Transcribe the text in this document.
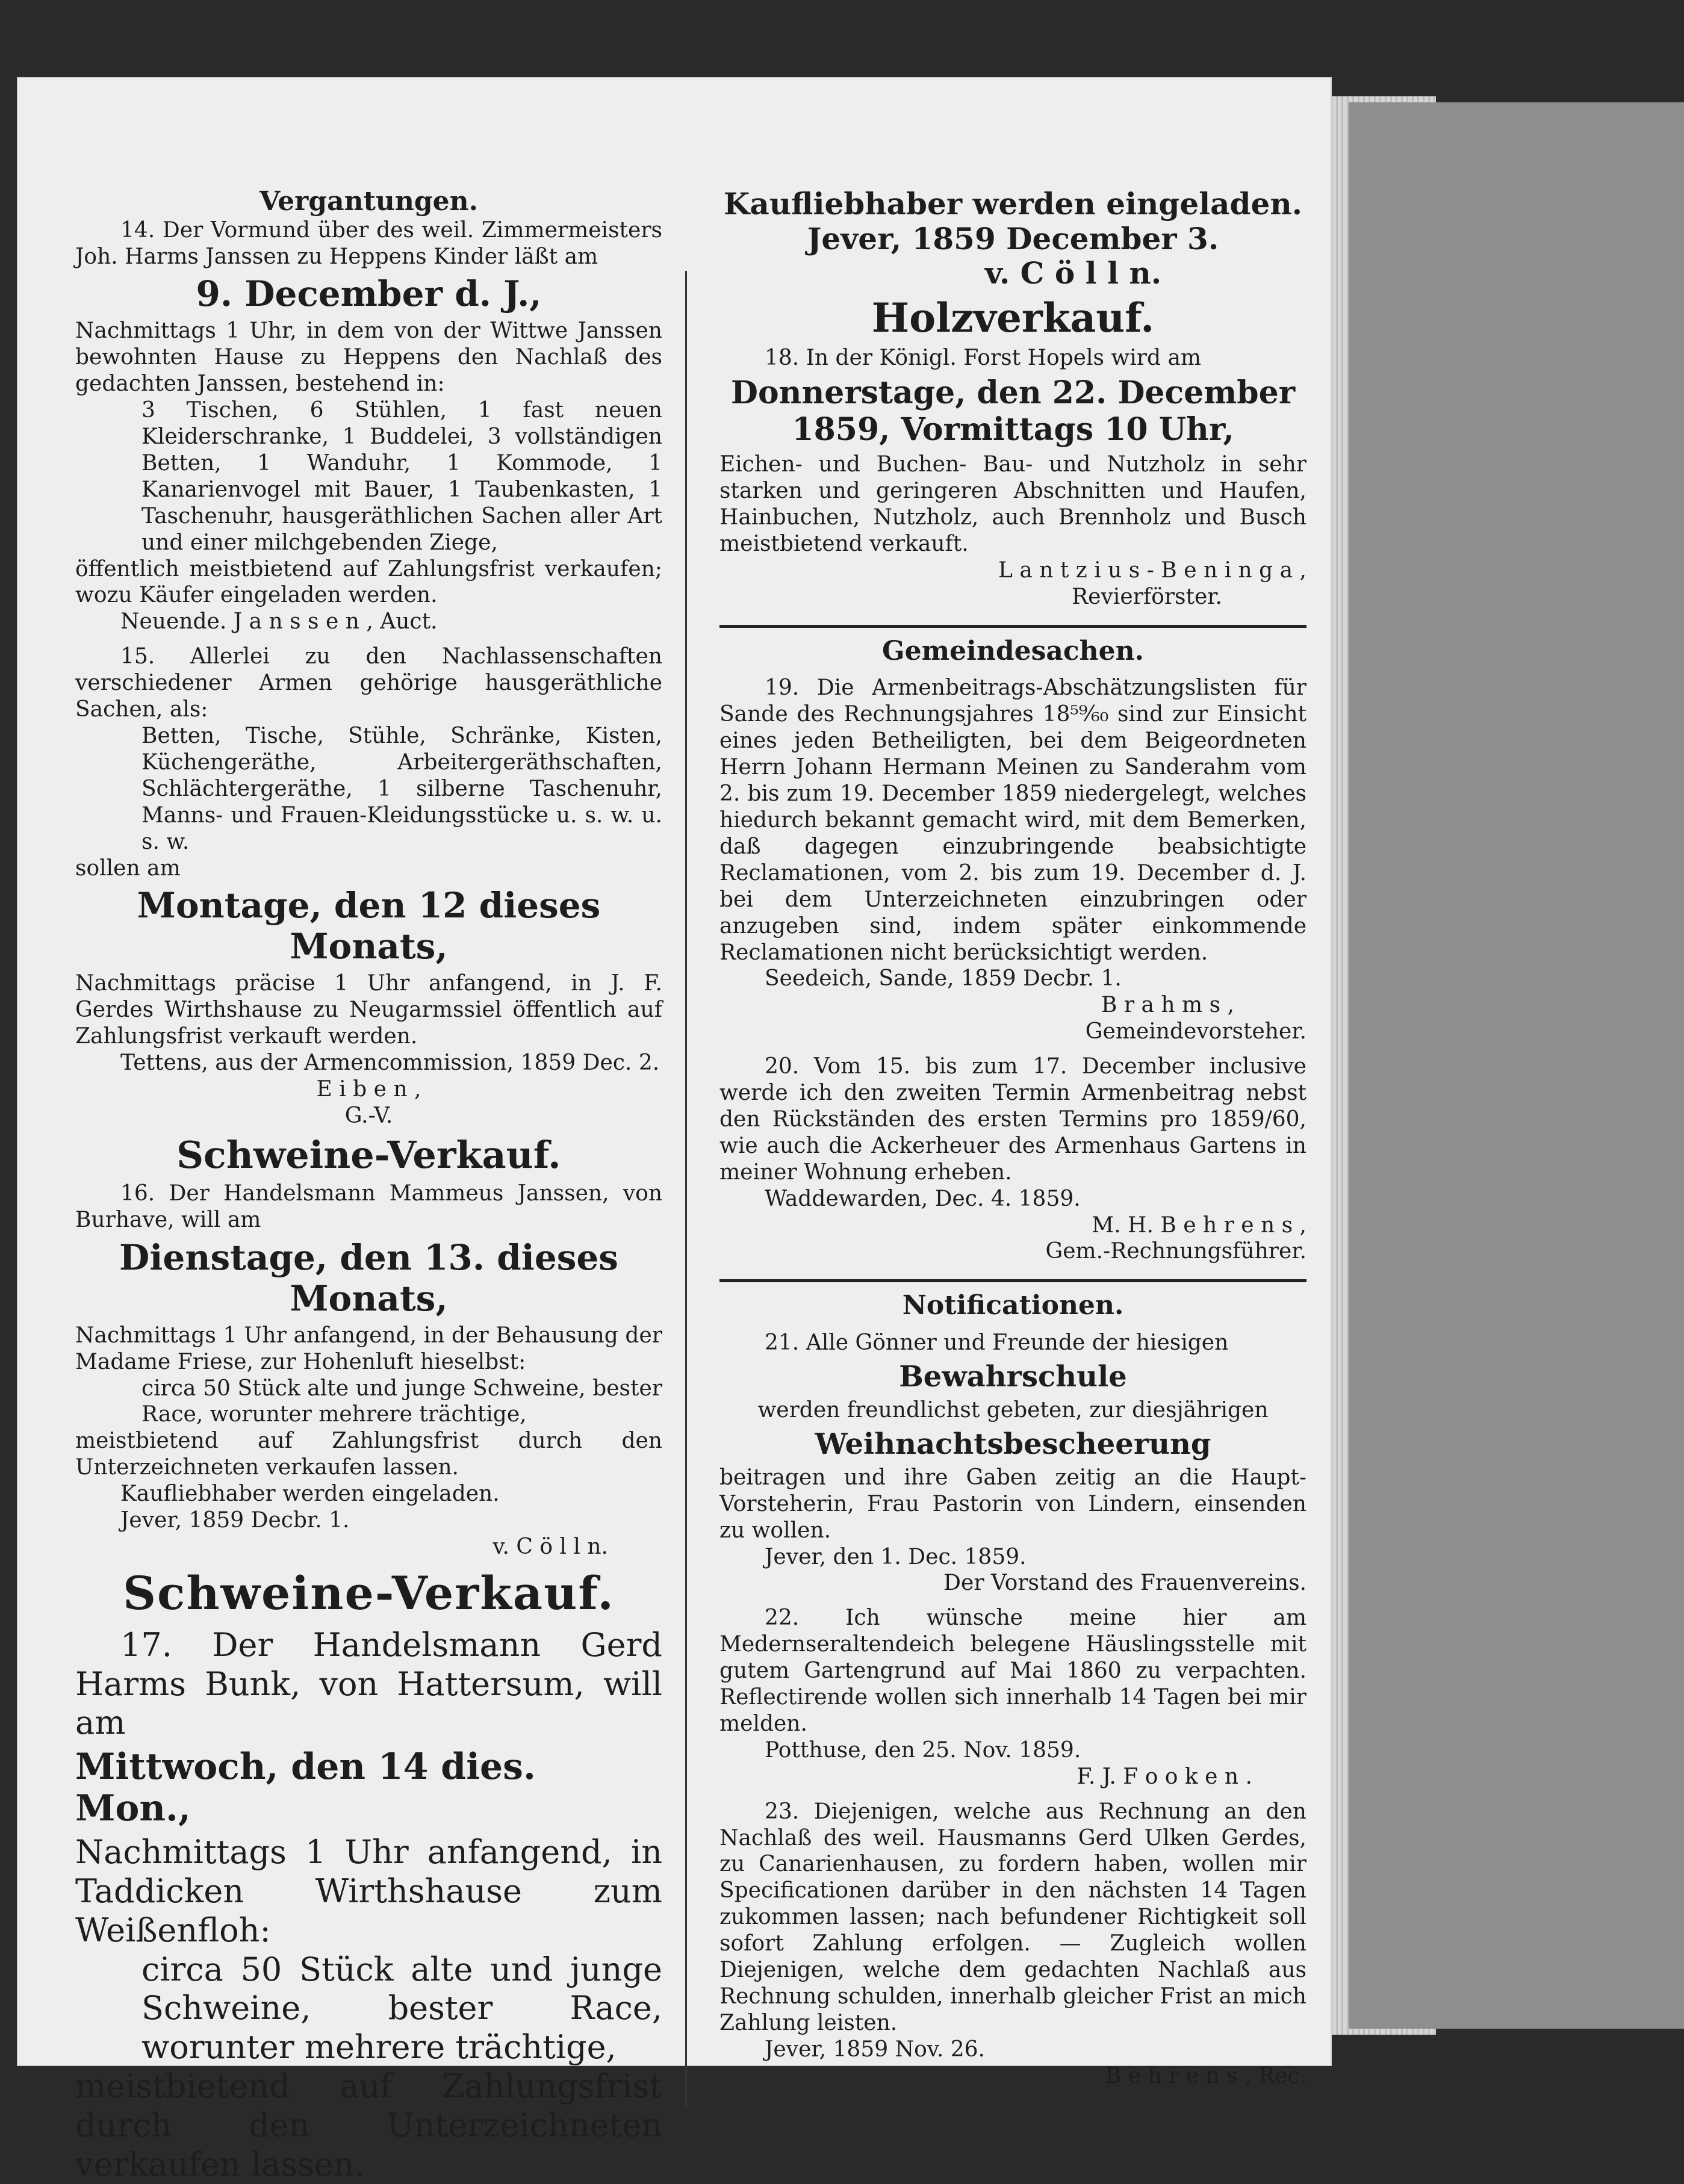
Vergantungen.

14. Der Vormund über des weil. Zimmermeisters Joh. Harms Janssen zu Heppens Kinder läßt am

9. December d. J.,

Nachmittags 1 Uhr, in dem von der Wittwe Janssen bewohnten Hause zu Heppens den Nachlaß des gedachten Janssen, bestehend in:

3 Tischen, 6 Stühlen, 1 fast neuen Kleiderschranke, 1 Buddelei, 3 vollständigen Betten, 1 Wanduhr, 1 Kommode, 1 Kanarienvogel mit Bauer, 1 Taubenkasten, 1 Taschenuhr, hausgeräthlichen Sachen aller Art und einer milchgebenden Ziege,

öffentlich meistbietend auf Zahlungsfrist verkaufen; wozu Käufer eingeladen werden.

Neuende. J a n s s e n , Auct.

15. Allerlei zu den Nachlassenschaften verschiedener Armen gehörige hausgeräthliche Sachen, als:

Betten, Tische, Stühle, Schränke, Kisten, Küchengeräthe, Arbeitergeräthschaften, Schlächtergeräthe, 1 silberne Taschenuhr, Manns- und Frauen-Kleidungsstücke u. s. w. u. s. w.

sollen am

Montage, den 12 dieses Monats,

Nachmittags präcise 1 Uhr anfangend, in J. F. Gerdes Wirthshause zu Neugarmssiel öffentlich auf Zahlungsfrist verkauft werden.

Tettens, aus der Armencommission, 1859 Dec. 2.

E i b e n ,

G.-V.

Schweine-Verkauf.

16. Der Handelsmann Mammeus Janssen, von Burhave, will am

Dienstage, den 13. dieses Monats,

Nachmittags 1 Uhr anfangend, in der Behausung der Madame Friese, zur Hohenluft hieselbst:

circa 50 Stück alte und junge Schweine, bester Race, worunter mehrere trächtige,

meistbietend auf Zahlungsfrist durch den Unterzeichneten verkaufen lassen.

Kaufliebhaber werden eingeladen.

Jever, 1859 Decbr. 1.

v. C ö l l n.

Schweine-Verkauf.

17. Der Handelsmann Gerd Harms Bunk, von Hattersum, will am

Mittwoch, den 14 dies. Mon.,

Nachmittags 1 Uhr anfangend, in Taddicken Wirthshause zum Weißenfloh:

circa 50 Stück alte und junge Schweine, bester Race, worunter mehrere trächtige,

meistbietend auf Zahlungsfrist durch den Unterzeichneten verkaufen lassen.

Kaufliebhaber werden eingeladen.
Jever, 1859 December 3.
v. C ö l l n.
Holzverkauf.

18. In der Königl. Forst Hopels wird am

Donnerstage, den 22. December 1859, Vormittags 10 Uhr,

Eichen- und Buchen- Bau- und Nutzholz in sehr starken und geringeren Abschnitten und Haufen, Hainbuchen, Nutzholz, auch Brennholz und Busch meistbietend verkauft.

L a n t z i u s - B e n i n g a ,

Revierförster.

Gemeindesachen.

19. Die Armenbeitrags-Abschätzungslisten für Sande des Rechnungsjahres 18⁵⁹⁄₆₀ sind zur Einsicht eines jeden Betheiligten, bei dem Beigeordneten Herrn Johann Hermann Meinen zu Sanderahm vom 2. bis zum 19. December 1859 niedergelegt, welches hiedurch bekannt gemacht wird, mit dem Bemerken, daß dagegen einzubringende beabsichtigte Reclamationen, vom 2. bis zum 19. December d. J. bei dem Unterzeichneten einzubringen oder anzugeben sind, indem später einkommende Reclamationen nicht berücksichtigt werden.

Seedeich, Sande, 1859 Decbr. 1.

B r a h m s ,

Gemeindevorsteher.

20. Vom 15. bis zum 17. December inclusive werde ich den zweiten Termin Armenbeitrag nebst den Rückständen des ersten Termins pro 1859/60, wie auch die Ackerheuer des Armenhaus Gartens in meiner Wohnung erheben.

Waddewarden, Dec. 4. 1859.

M. H. B e h r e n s ,

Gem.-Rechnungsführer.

Notificationen.

21. Alle Gönner und Freunde der hiesigen

Bewahrschule

werden freundlichst gebeten, zur diesjährigen

Weihnachtsbescheerung

beitragen und ihre Gaben zeitig an die Haupt-Vorsteherin, Frau Pastorin von Lindern, einsenden zu wollen.

Jever, den 1. Dec. 1859.

Der Vorstand des Frauenvereins.

22. Ich wünsche meine hier am Medernseraltendeich belegene Häuslingsstelle mit gutem Gartengrund auf Mai 1860 zu verpachten. Reflectirende wollen sich innerhalb 14 Tagen bei mir melden.

Potthuse, den 25. Nov. 1859.

F. J. F o o k e n .

23. Diejenigen, welche aus Rechnung an den Nachlaß des weil. Hausmanns Gerd Ulken Gerdes, zu Canarienhausen, zu fordern haben, wollen mir Specificationen darüber in den nächsten 14 Tagen zukommen lassen; nach befundener Richtigkeit soll sofort Zahlung erfolgen. — Zugleich wollen Diejenigen, welche dem gedachten Nachlaß aus Rechnung schulden, innerhalb gleicher Frist an mich Zahlung leisten.

Jever, 1859 Nov. 26.

B e h r e n s , Rec.
